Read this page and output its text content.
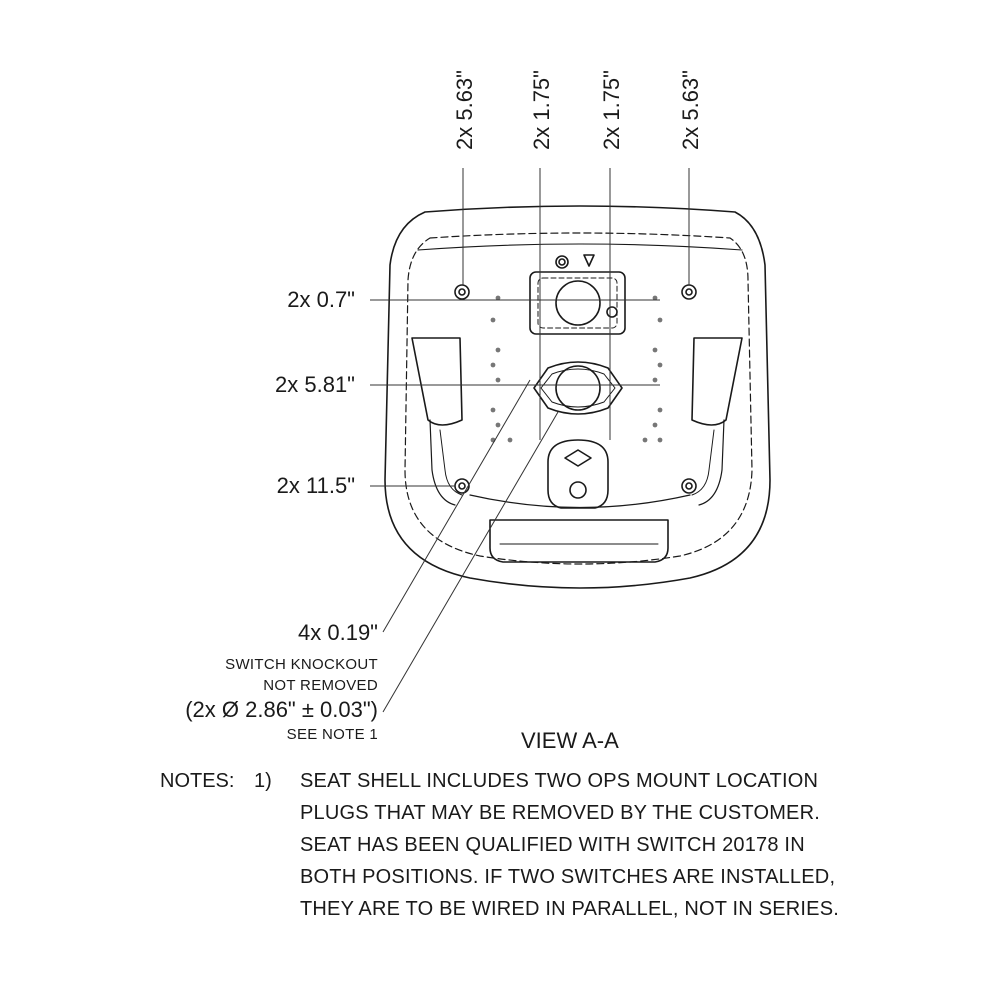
2x 5.63" 2x 1.75" 2x 1.75" 2x 5.63"
2x 0.7"
2x 5.81"
2x 11.5"
4x 0.19"
SWITCH KNOCKOUT
NOT REMOVED
(2x Ø 2.86" ± 0.03")
SEE NOTE 1	VIEW A-A
NOTES: 1) SEAT SHELL INCLUDES TWO OPS MOUNT LOCATION
PLUGS THAT MAY BE REMOVED BY THE CUSTOMER.
SEAT HAS BEEN QUALIFIED WITH SWITCH 20178 IN
BOTH POSITIONS. IF TWO SWITCHES ARE INSTALLED,
THEY ARE TO BE WIRED IN PARALLEL, NOT IN SERIES.
